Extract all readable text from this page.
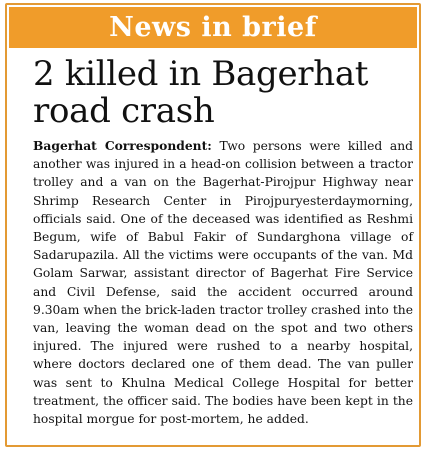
News in brief
2 killed in Bagerhat road crash

Bagerhat Correspondent: Two persons were killed and another was injured in a head-on collision between a tractor trolley and a van on the Bagerhat-Pirojpur Highway near Shrimp Research Center in Pirojpuryesterdaymorning, officials said. One of the deceased was identified as Reshmi Begum, wife of Babul Fakir of Sundarghona village of Sadarupazila. All the victims were occupants of the van. Md Golam Sarwar, assistant director of Bagerhat Fire Service and Civil Defense, said the accident occurred around 9.30am when the brick-laden tractor trolley crashed into the van, leaving the woman dead on the spot and two others injured. The injured were rushed to a nearby hospital, where doctors declared one of them dead. The van puller was sent to Khulna Medical College Hospital for better treatment, the officer said. The bodies have been kept in the hospital morgue for post-mortem, he added.
